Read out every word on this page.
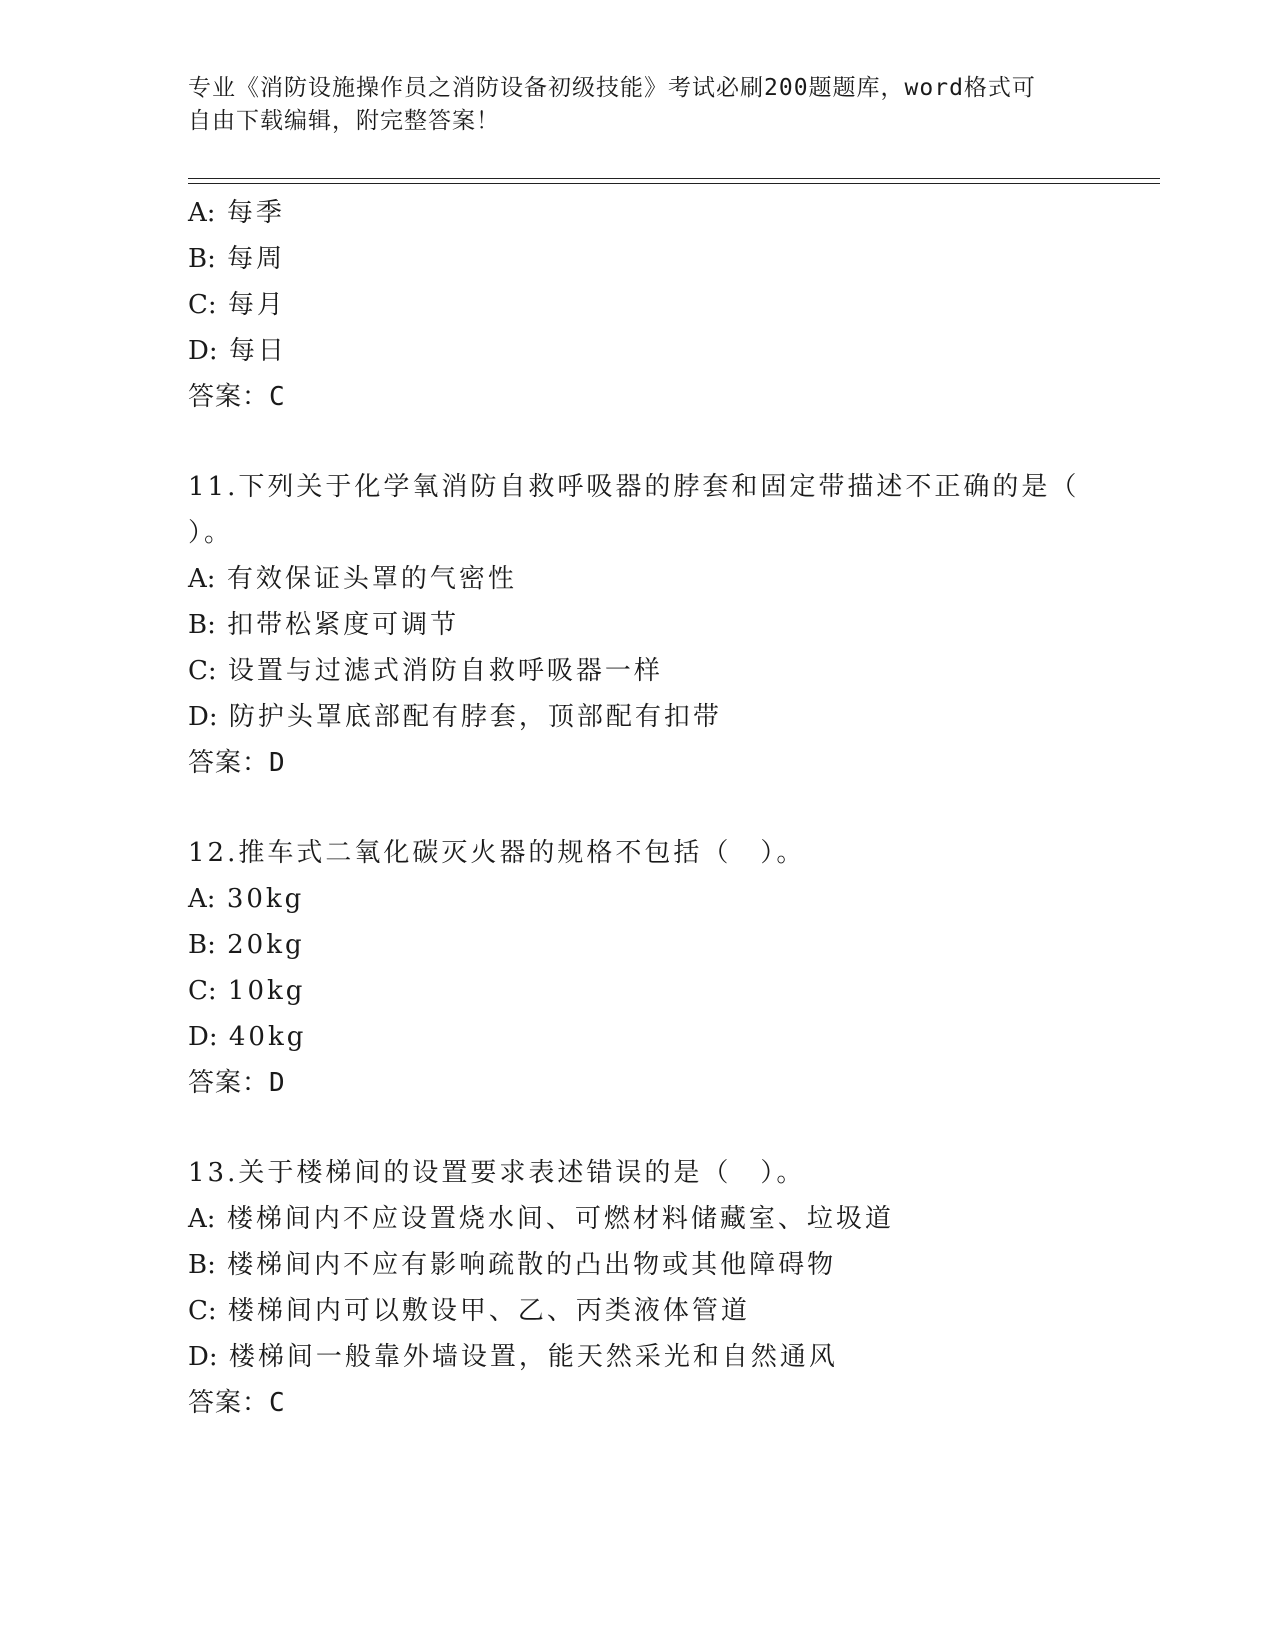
专业《消防设施操作员之消防设备初级技能》考试必刷200题题库，word格式可
自由下载编辑，附完整答案！
A: 每季
B: 每周
C: 每月
D: 每日
答案：C
11.下列关于化学氧消防自救呼吸器的脖套和固定带描述不正确的是（
）。
A: 有效保证头罩的气密性
B: 扣带松紧度可调节
C: 设置与过滤式消防自救呼吸器一样
D: 防护头罩底部配有脖套，顶部配有扣带
答案：D
12.推车式二氧化碳灭火器的规格不包括（　）。
A: 30kg
B: 20kg
C: 10kg
D: 40kg
答案：D
13.关于楼梯间的设置要求表述错误的是（　）。
A: 楼梯间内不应设置烧水间、可燃材料储藏室、垃圾道
B: 楼梯间内不应有影响疏散的凸出物或其他障碍物
C: 楼梯间内可以敷设甲、乙、丙类液体管道
D: 楼梯间一般靠外墙设置，能天然采光和自然通风
答案：C
